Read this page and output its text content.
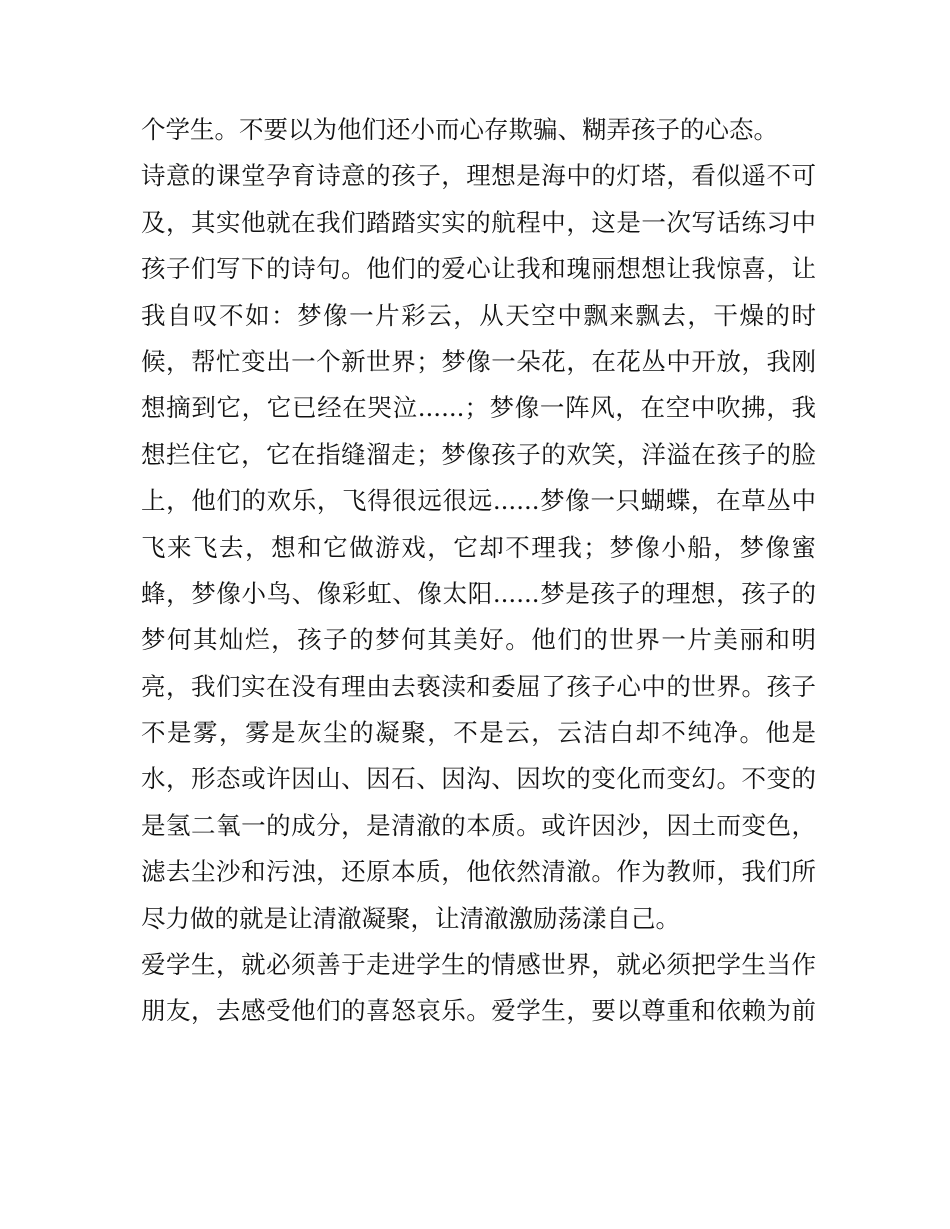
个学生。不要以为他们还小而心存欺骗、糊弄孩子的心态。
诗意的课堂孕育诗意的孩子，理想是海中的灯塔，看似遥不可
及，其实他就在我们踏踏实实的航程中，这是一次写话练习中
孩子们写下的诗句。他们的爱心让我和瑰丽想想让我惊喜，让
我自叹不如：梦像一片彩云，从天空中飘来飘去，干燥的时
候，帮忙变出一个新世界；梦像一朵花，在花丛中开放，我刚
想摘到它，它已经在哭泣......；梦像一阵风，在空中吹拂，我
想拦住它，它在指缝溜走；梦像孩子的欢笑，洋溢在孩子的脸
上，他们的欢乐，飞得很远很远......梦像一只蝴蝶，在草丛中
飞来飞去，想和它做游戏，它却不理我；梦像小船，梦像蜜
蜂，梦像小鸟、像彩虹、像太阳......梦是孩子的理想，孩子的
梦何其灿烂，孩子的梦何其美好。他们的世界一片美丽和明
亮，我们实在没有理由去亵渎和委屈了孩子心中的世界。孩子
不是雾，雾是灰尘的凝聚，不是云，云洁白却不纯净。他是
水，形态或许因山、因石、因沟、因坎的变化而变幻。不变的
是氢二氧一的成分，是清澈的本质。或许因沙，因土而变色，
滤去尘沙和污浊，还原本质，他依然清澈。作为教师，我们所
尽力做的就是让清澈凝聚，让清澈激励荡漾自己。
爱学生，就必须善于走进学生的情感世界，就必须把学生当作
朋友，去感受他们的喜怒哀乐。爱学生，要以尊重和依赖为前
